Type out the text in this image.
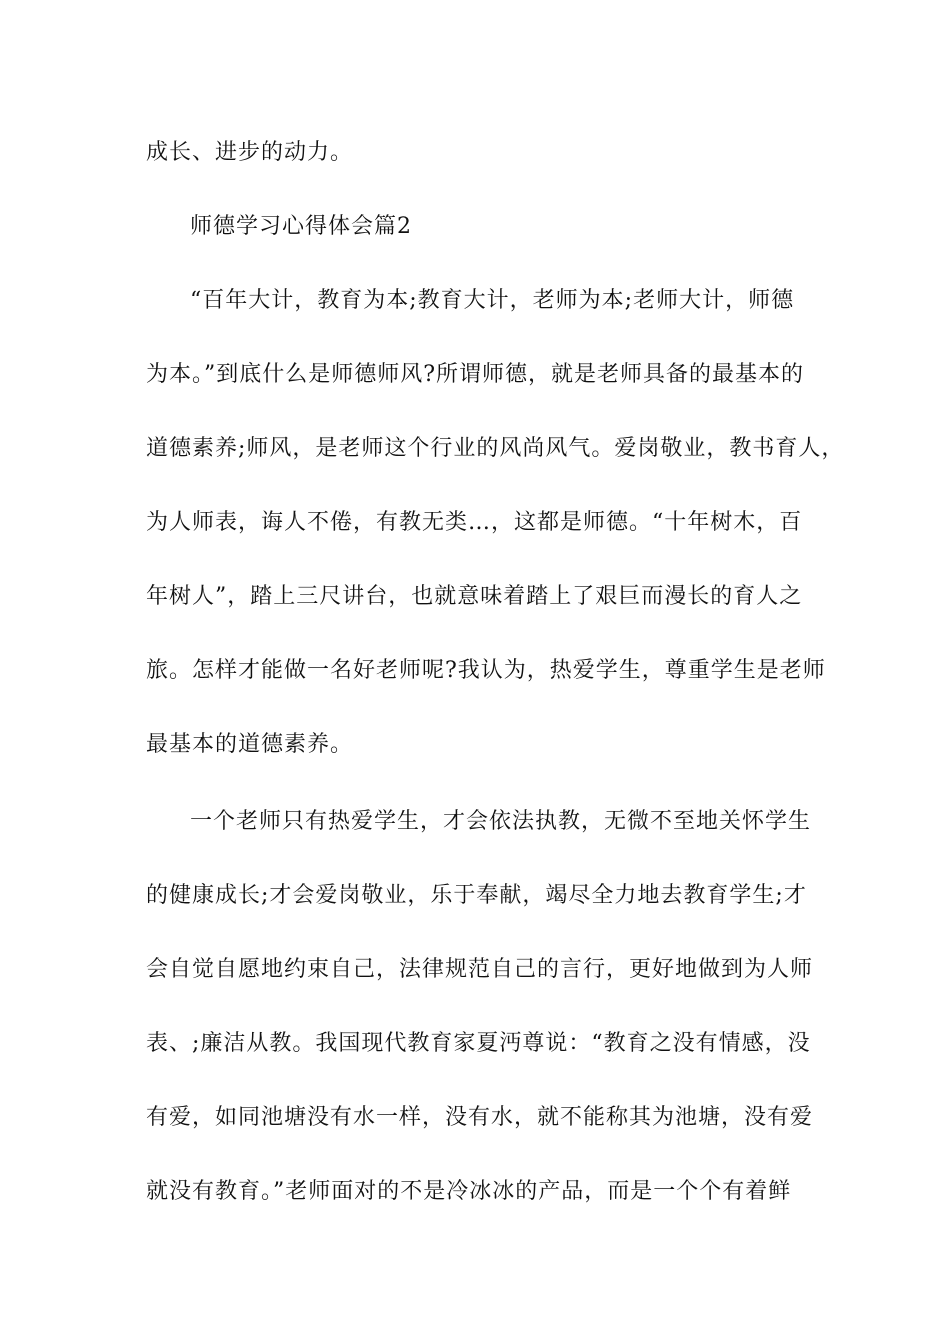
成长、进步的动力。
师德学习心得体会篇2
“百年大计，教育为本;教育大计，老师为本;老师大计，师德
为本。”到底什么是师德师风?所谓师德，就是老师具备的最基本的
道德素养;师风，是老师这个行业的风尚风气。爱岗敬业，教书育人，
为人师表，诲人不倦，有教无类…，这都是师德。“十年树木，百
年树人”，踏上三尺讲台，也就意味着踏上了艰巨而漫长的育人之
旅。怎样才能做一名好老师呢?我认为，热爱学生，尊重学生是老师
最基本的道德素养。
一个老师只有热爱学生，才会依法执教，无微不至地关怀学生
的健康成长;才会爱岗敬业，乐于奉献，竭尽全力地去教育学生;才
会自觉自愿地约束自己，法律规范自己的言行，更好地做到为人师
表、;廉洁从教。我国现代教育家夏沔尊说：“教育之没有情感，没
有爱，如同池塘没有水一样，没有水，就不能称其为池塘，没有爱
就没有教育。”老师面对的不是冷冰冰的产品，而是一个个有着鲜
